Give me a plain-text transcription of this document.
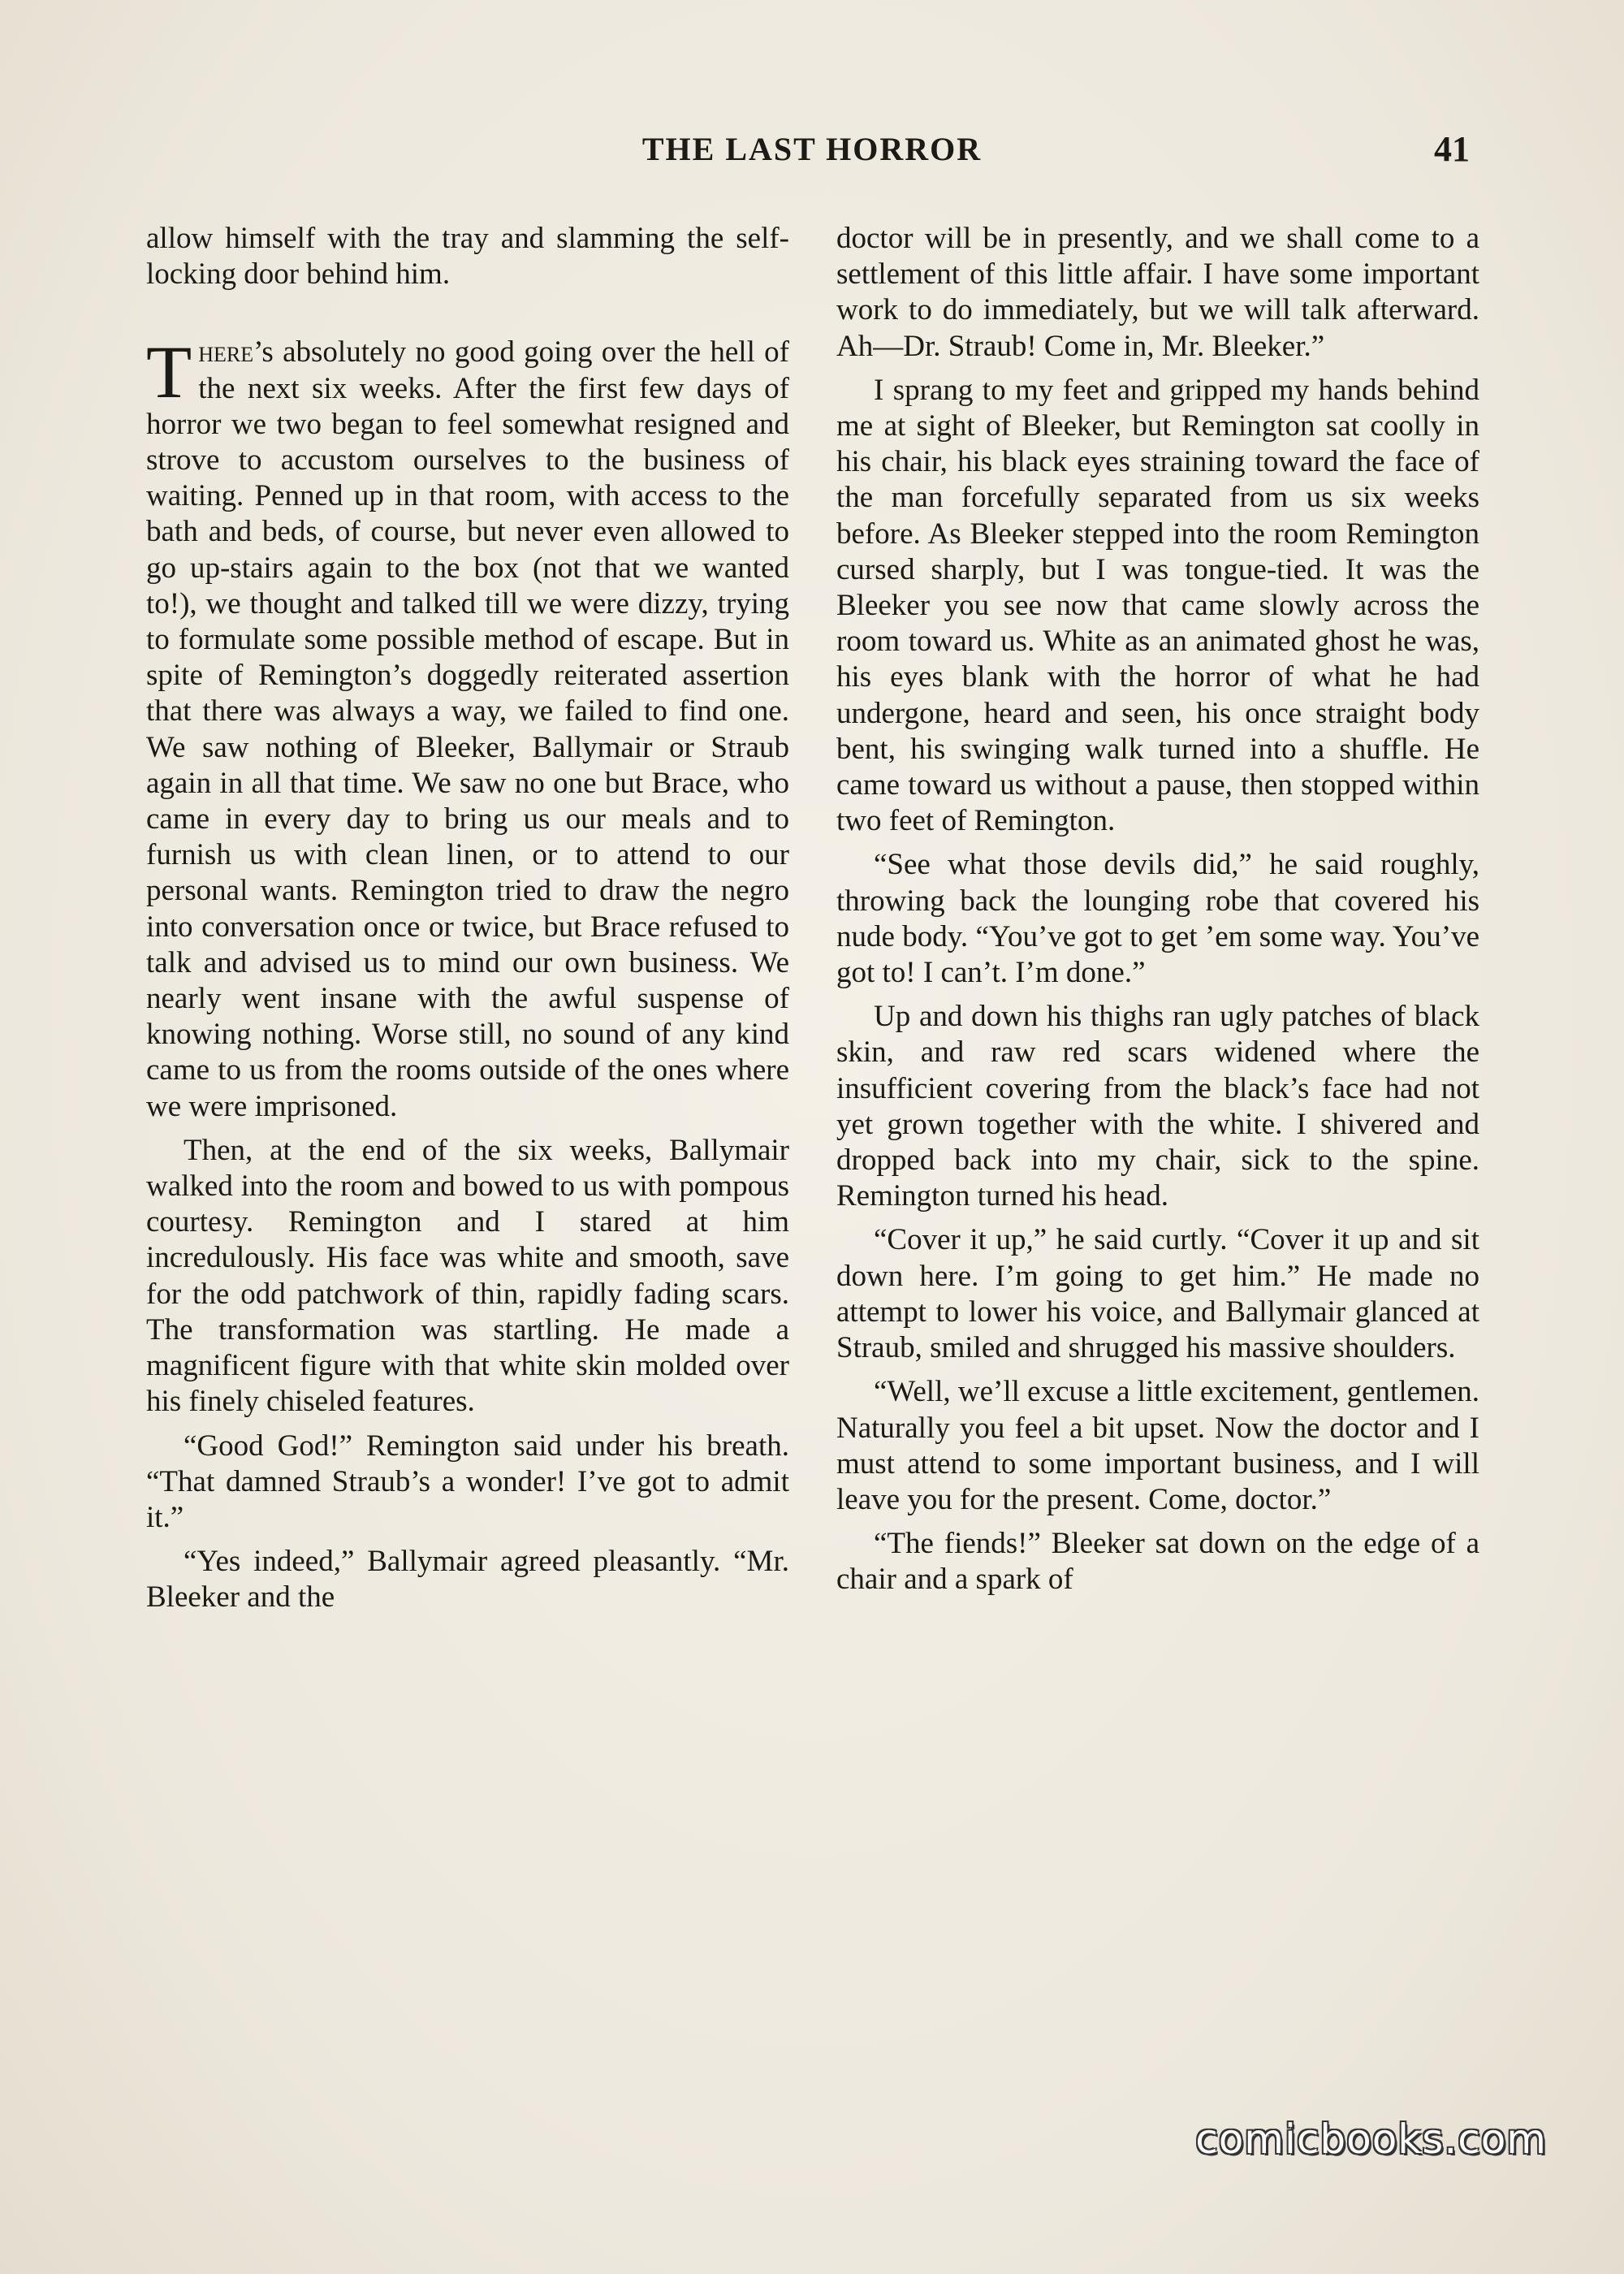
THE LAST HORROR	41

allow himself with the tray and slamming the self-locking door behind him.

There’s absolutely no good going over the hell of the next six weeks. After the first few days of horror we two began to feel somewhat resigned and strove to accustom ourselves to the business of waiting. Penned up in that room, with access to the bath and beds, of course, but never even allowed to go up-stairs again to the box (not that we wanted to!), we thought and talked till we were dizzy, trying to formulate some possible method of escape. But in spite of Remington’s doggedly reiterated assertion that there was always a way, we failed to find one. We saw nothing of Bleeker, Ballymair or Straub again in all that time. We saw no one but Brace, who came in every day to bring us our meals and to furnish us with clean linen, or to attend to our personal wants. Remington tried to draw the negro into conversation once or twice, but Brace refused to talk and advised us to mind our own business. We nearly went insane with the awful suspense of knowing nothing. Worse still, no sound of any kind came to us from the rooms outside of the ones where we were imprisoned.

Then, at the end of the six weeks, Ballymair walked into the room and bowed to us with pompous courtesy. Remington and I stared at him incredulously. His face was white and smooth, save for the odd patchwork of thin, rapidly fading scars. The transformation was startling. He made a magnificent figure with that white skin molded over his finely chiseled features.

“Good God!” Remington said under his breath. “That damned Straub’s a wonder! I’ve got to admit it.”

“Yes indeed,” Ballymair agreed pleasantly. “Mr. Bleeker and the

doctor will be in presently, and we shall come to a settlement of this little affair. I have some important work to do immediately, but we will talk afterward. Ah—Dr. Straub! Come in, Mr. Bleeker.”

I sprang to my feet and gripped my hands behind me at sight of Bleeker, but Remington sat coolly in his chair, his black eyes straining toward the face of the man forcefully separated from us six weeks before. As Bleeker stepped into the room Remington cursed sharply, but I was tongue-tied. It was the Bleeker you see now that came slowly across the room toward us. White as an animated ghost he was, his eyes blank with the horror of what he had undergone, heard and seen, his once straight body bent, his swinging walk turned into a shuffle. He came toward us without a pause, then stopped within two feet of Remington.

“See what those devils did,” he said roughly, throwing back the lounging robe that covered his nude body. “You’ve got to get ’em some way. You’ve got to! I can’t. I’m done.”

Up and down his thighs ran ugly patches of black skin, and raw red scars widened where the insufficient covering from the black’s face had not yet grown together with the white. I shivered and dropped back into my chair, sick to the spine. Remington turned his head.

“Cover it up,” he said curtly. “Cover it up and sit down here. I’m going to get him.” He made no attempt to lower his voice, and Ballymair glanced at Straub, smiled and shrugged his massive shoulders.

“Well, we’ll excuse a little excitement, gentlemen. Naturally you feel a bit upset. Now the doctor and I must attend to some important business, and I will leave you for the present. Come, doctor.”

“The fiends!” Bleeker sat down on the edge of a chair and a spark of

comicbooks.com
